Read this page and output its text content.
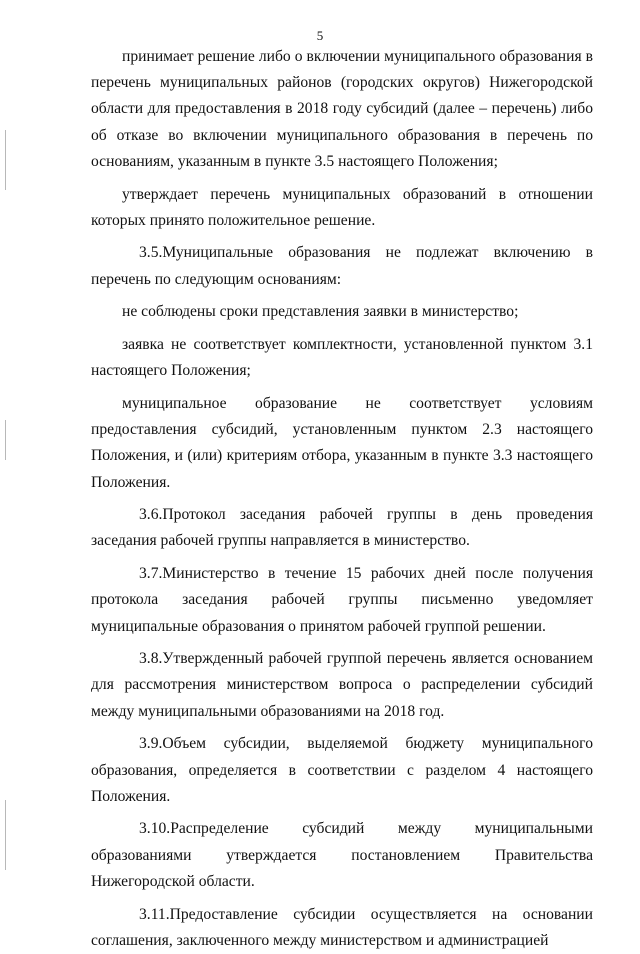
5

принимает решение либо о включении муниципального образования в перечень муниципальных районов (городских округов) Нижегородской области для предоставления в 2018 году субсидий (далее – перечень) либо об отказе во включении муниципального образования в перечень по основаниям, указанным в пункте 3.5 настоящего Положения;

утверждает перечень муниципальных образований в отношении которых принято положительное решение.

3.5.Муниципальные образования не подлежат включению в перечень по следующим основаниям:

не соблюдены сроки представления заявки в министерство;

заявка не соответствует комплектности, установленной пунктом 3.1 настоящего Положения;

муниципальное образование не соответствует условиям предоставления субсидий, установленным пунктом 2.3 настоящего Положения, и (или) критериям отбора, указанным в пункте 3.3 настоящего Положения.

3.6.Протокол заседания рабочей группы в день проведения заседания рабочей группы направляется в министерство.

3.7.Министерство в течение 15 рабочих дней после получения протокола заседания рабочей группы письменно уведомляет муниципальные образования о принятом рабочей группой решении.

3.8.Утвержденный рабочей группой перечень является основанием для рассмотрения министерством вопроса о распределении субсидий между муниципальными образованиями на 2018 год.

3.9.Объем субсидии, выделяемой бюджету муниципального образования, определяется в соответствии с разделом 4 настоящего Положения.

3.10.Распределение субсидий между муниципальными образованиями утверждается постановлением Правительства Нижегородской области.

3.11.Предоставление субсидии осуществляется на основании соглашения, заключенного между министерством и администрацией
